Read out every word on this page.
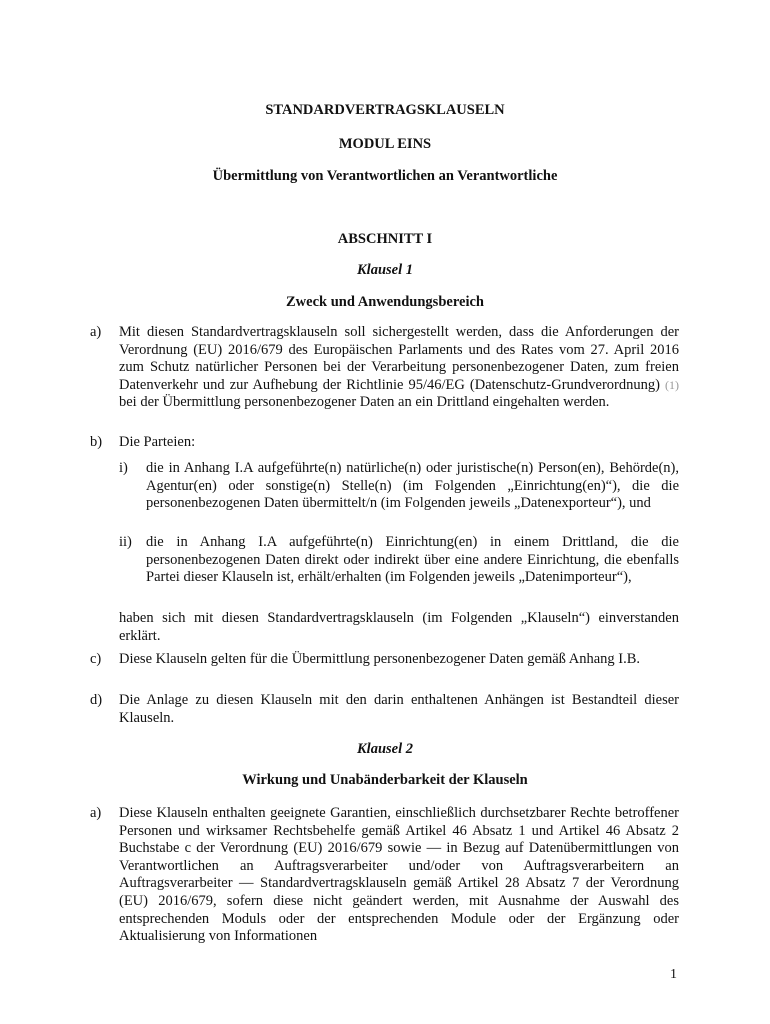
STANDARDVERTRAGSKLAUSELN
MODUL EINS
Übermittlung von Verantwortlichen an Verantwortliche
ABSCHNITT I
Klausel 1
Zweck und Anwendungsbereich
a) Mit diesen Standardvertragsklauseln soll sichergestellt werden, dass die Anforderungen der Verordnung (EU) 2016/679 des Europäischen Parlaments und des Rates vom 27. April 2016 zum Schutz natürlicher Personen bei der Verarbeitung personenbezogener Daten, zum freien Datenverkehr und zur Aufhebung der Richtlinie 95/46/EG (Datenschutz-Grundverordnung) (1) bei der Übermittlung personenbezogener Daten an ein Drittland eingehalten werden.
b) Die Parteien:
i) die in Anhang I.A aufgeführte(n) natürliche(n) oder juristische(n) Person(en), Behörde(n), Agentur(en) oder sonstige(n) Stelle(n) (im Folgenden „Einrichtung(en)“), die die personenbezogenen Daten übermittelt/n (im Folgenden jeweils „Datenexporteur“), und
ii) die in Anhang I.A aufgeführte(n) Einrichtung(en) in einem Drittland, die die personenbezogenen Daten direkt oder indirekt über eine andere Einrichtung, die ebenfalls Partei dieser Klauseln ist, erhält/erhalten (im Folgenden jeweils „Datenimporteur“),
haben sich mit diesen Standardvertragsklauseln (im Folgenden „Klauseln“) einverstanden erklärt.
c) Diese Klauseln gelten für die Übermittlung personenbezogener Daten gemäß Anhang I.B.
d) Die Anlage zu diesen Klauseln mit den darin enthaltenen Anhängen ist Bestandteil dieser Klauseln.
Klausel 2
Wirkung und Unabänderbarkeit der Klauseln
a) Diese Klauseln enthalten geeignete Garantien, einschließlich durchsetzbarer Rechte betroffener Personen und wirksamer Rechtsbehelfe gemäß Artikel 46 Absatz 1 und Artikel 46 Absatz 2 Buchstabe c der Verordnung (EU) 2016/679 sowie — in Bezug auf Datenübermittlungen von Verantwortlichen an Auftragsverarbeiter und/oder von Auftragsverarbeitern an Auftragsverarbeiter — Standardvertragsklauseln gemäß Artikel 28 Absatz 7 der Verordnung (EU) 2016/679, sofern diese nicht geändert werden, mit Ausnahme der Auswahl des entsprechenden Moduls oder der entsprechenden Module oder der Ergänzung oder Aktualisierung von Informationen
1
